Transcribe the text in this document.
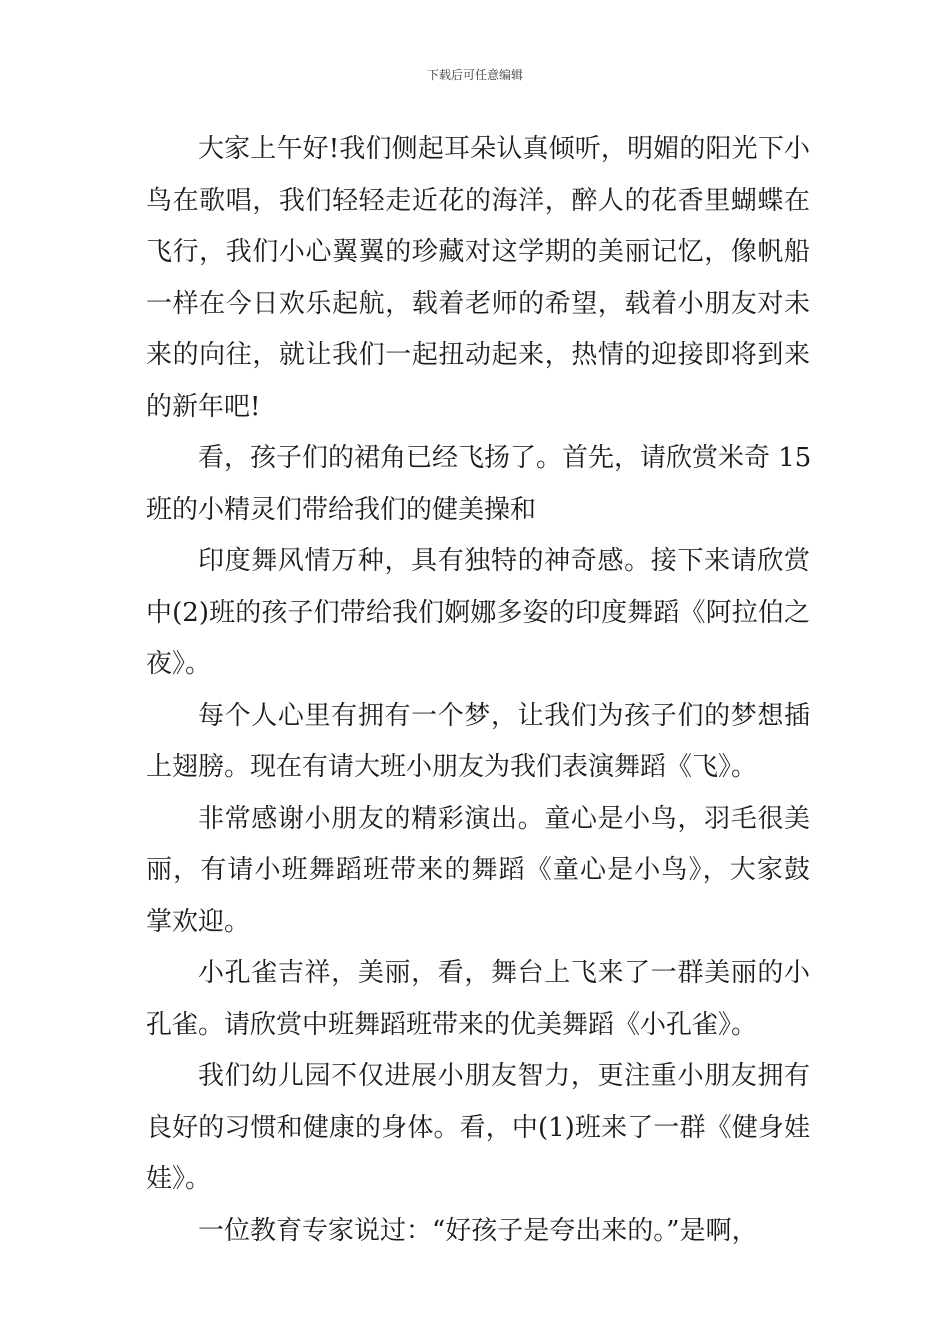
下载后可任意编辑
大家上午好!我们侧起耳朵认真倾听，明媚的阳光下小
鸟在歌唱，我们轻轻走近花的海洋，醉人的花香里蝴蝶在
飞行，我们小心翼翼的珍藏对这学期的美丽记忆，像帆船
一样在今日欢乐起航，载着老师的希望，载着小朋友对未
来的向往，就让我们一起扭动起来，热情的迎接即将到来
的新年吧!
看，孩子们的裙角已经飞扬了。首先，请欣赏米奇 15
班的小精灵们带给我们的健美操和
印度舞风情万种，具有独特的神奇感。接下来请欣赏
中(2)班的孩子们带给我们婀娜多姿的印度舞蹈《阿拉伯之
夜》。
每个人心里有拥有一个梦，让我们为孩子们的梦想插
上翅膀。现在有请大班小朋友为我们表演舞蹈《飞》。
非常感谢小朋友的精彩演出。童心是小鸟，羽毛很美
丽，有请小班舞蹈班带来的舞蹈《童心是小鸟》，大家鼓
掌欢迎。
小孔雀吉祥，美丽，看，舞台上飞来了一群美丽的小
孔雀。请欣赏中班舞蹈班带来的优美舞蹈《小孔雀》。
我们幼儿园不仅进展小朋友智力，更注重小朋友拥有
良好的习惯和健康的身体。看，中(1)班来了一群《健身娃
娃》。
一位教育专家说过：“好孩子是夸出来的。”是啊，
